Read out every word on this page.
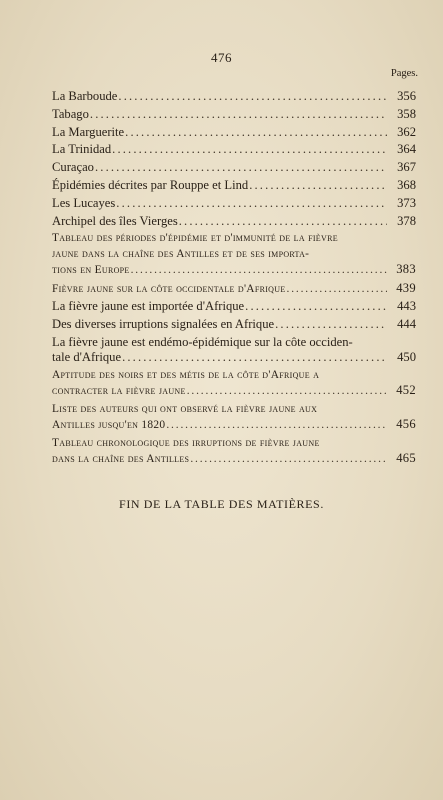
476
Pages.
La Barboude . . .	356
Tabago . . .	358
La Marguerite . . .	362
La Trinidad . . .	364
Curaçao . . .	367
Épidémies décrites par Rouppe et Lind . . .	368
Les Lucayes . . .	373
Archipel des îles Vierges . . .	378
Tableau des périodes d'épidémie et d'immunité de la fièvre
jaune dans la chaîne des Antilles et de ses importa-
tions en Europe . . .	383
Fièvre jaune sur la côte occidentale d'Afrique . . .	439
La fièvre jaune est importée d'Afrique . . .	443
Des diverses irruptions signalées en Afrique . . .	444
La fièvre jaune est endémo-épidémique sur la côte occiden-
tale d'Afrique . . .	450
Aptitude des noirs et des métis de la côte d'Afrique a
contracter la fièvre jaune . . .	452
Liste des auteurs qui ont observé la fièvre jaune aux
Antilles jusqu'en 1820 . . .	456
Tableau chronologique des irruptions de fièvre jaune
dans la chaîne des Antilles . . .	465
FIN DE LA TABLE DES MATIÈRES.
